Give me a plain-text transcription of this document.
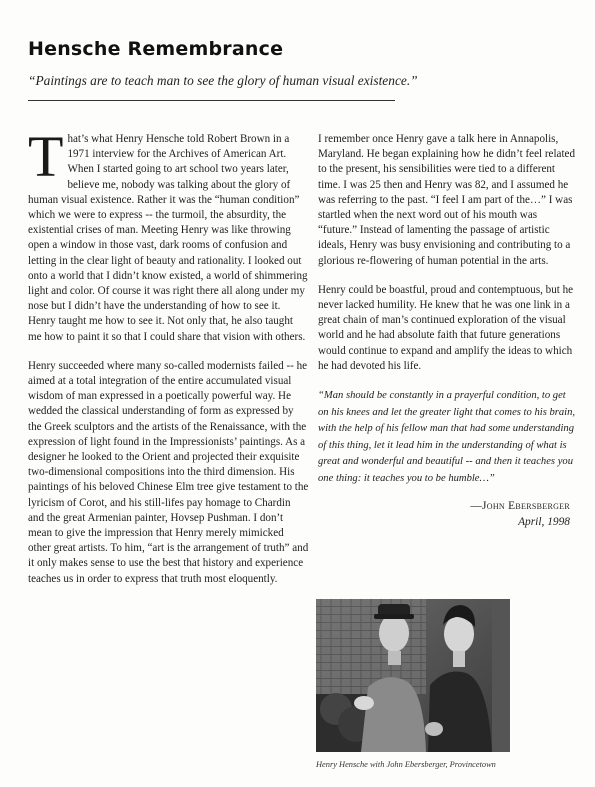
Hensche Remembrance

“Paintings are to teach man to see the glory of human visual existence.”

That’s what Henry Hensche told Robert Brown in a 1971 interview for the Archives of American Art. When I started going to art school two years later, believe me, nobody was talking about the glory of human visual existence. Rather it was the “human condition” which we were to express -- the turmoil, the absurdity, the existential crises of man. Meeting Henry was like throwing open a window in those vast, dark rooms of confusion and letting in the clear light of beauty and rationality. I looked out onto a world that I didn’t know existed, a world of shimmering light and color. Of course it was right there all along under my nose but I didn’t have the understanding of how to see it. Henry taught me how to see it. Not only that, he also taught me how to paint it so that I could share that vision with others.

Henry succeeded where many so-called modernists failed -- he aimed at a total integration of the entire accumulated visual wisdom of man expressed in a poetically powerful way. He wedded the classical understanding of form as expressed by the Greek sculptors and the artists of the Renaissance, with the expression of light found in the Impressionists’ paintings. As a designer he looked to the Orient and projected their exquisite two-dimensional compositions into the third dimension. His paintings of his beloved Chinese Elm tree give testament to the lyricism of Corot, and his still-lifes pay homage to Chardin and the great Armenian painter, Hovsep Pushman. I don’t mean to give the impression that Henry merely mimicked other great artists. To him, “art is the arrangement of truth” and it only makes sense to use the best that history and experience teaches us in order to express that truth most eloquently.

I remember once Henry gave a talk here in Annapolis, Maryland. He began explaining how he didn’t feel related to the present, his sensibilities were tied to a different time. I was 25 then and Henry was 82, and I assumed he was referring to the past. “I feel I am part of the…” I was startled when the next word out of his mouth was “future.” Instead of lamenting the passage of artistic ideals, Henry was busy envisioning and contributing to a glorious re-flowering of human potential in the arts.

Henry could be boastful, proud and contemptuous, but he never lacked humility. He knew that he was one link in a great chain of man’s continued exploration of the visual world and he had absolute faith that future generations would continue to expand and amplify the ideas to which he had devoted his life.

“Man should be constantly in a prayerful condition, to get on his knees and let the greater light that comes to his brain, with the help of his fellow man that had some understanding of this thing, let it lead him in the understanding of what is great and wonderful and beautiful -- and then it teaches you one thing: it teaches you to be humble…”

—John Ebersberger
April, 1998
Henry Hensche with John Ebersberger, Provincetown
